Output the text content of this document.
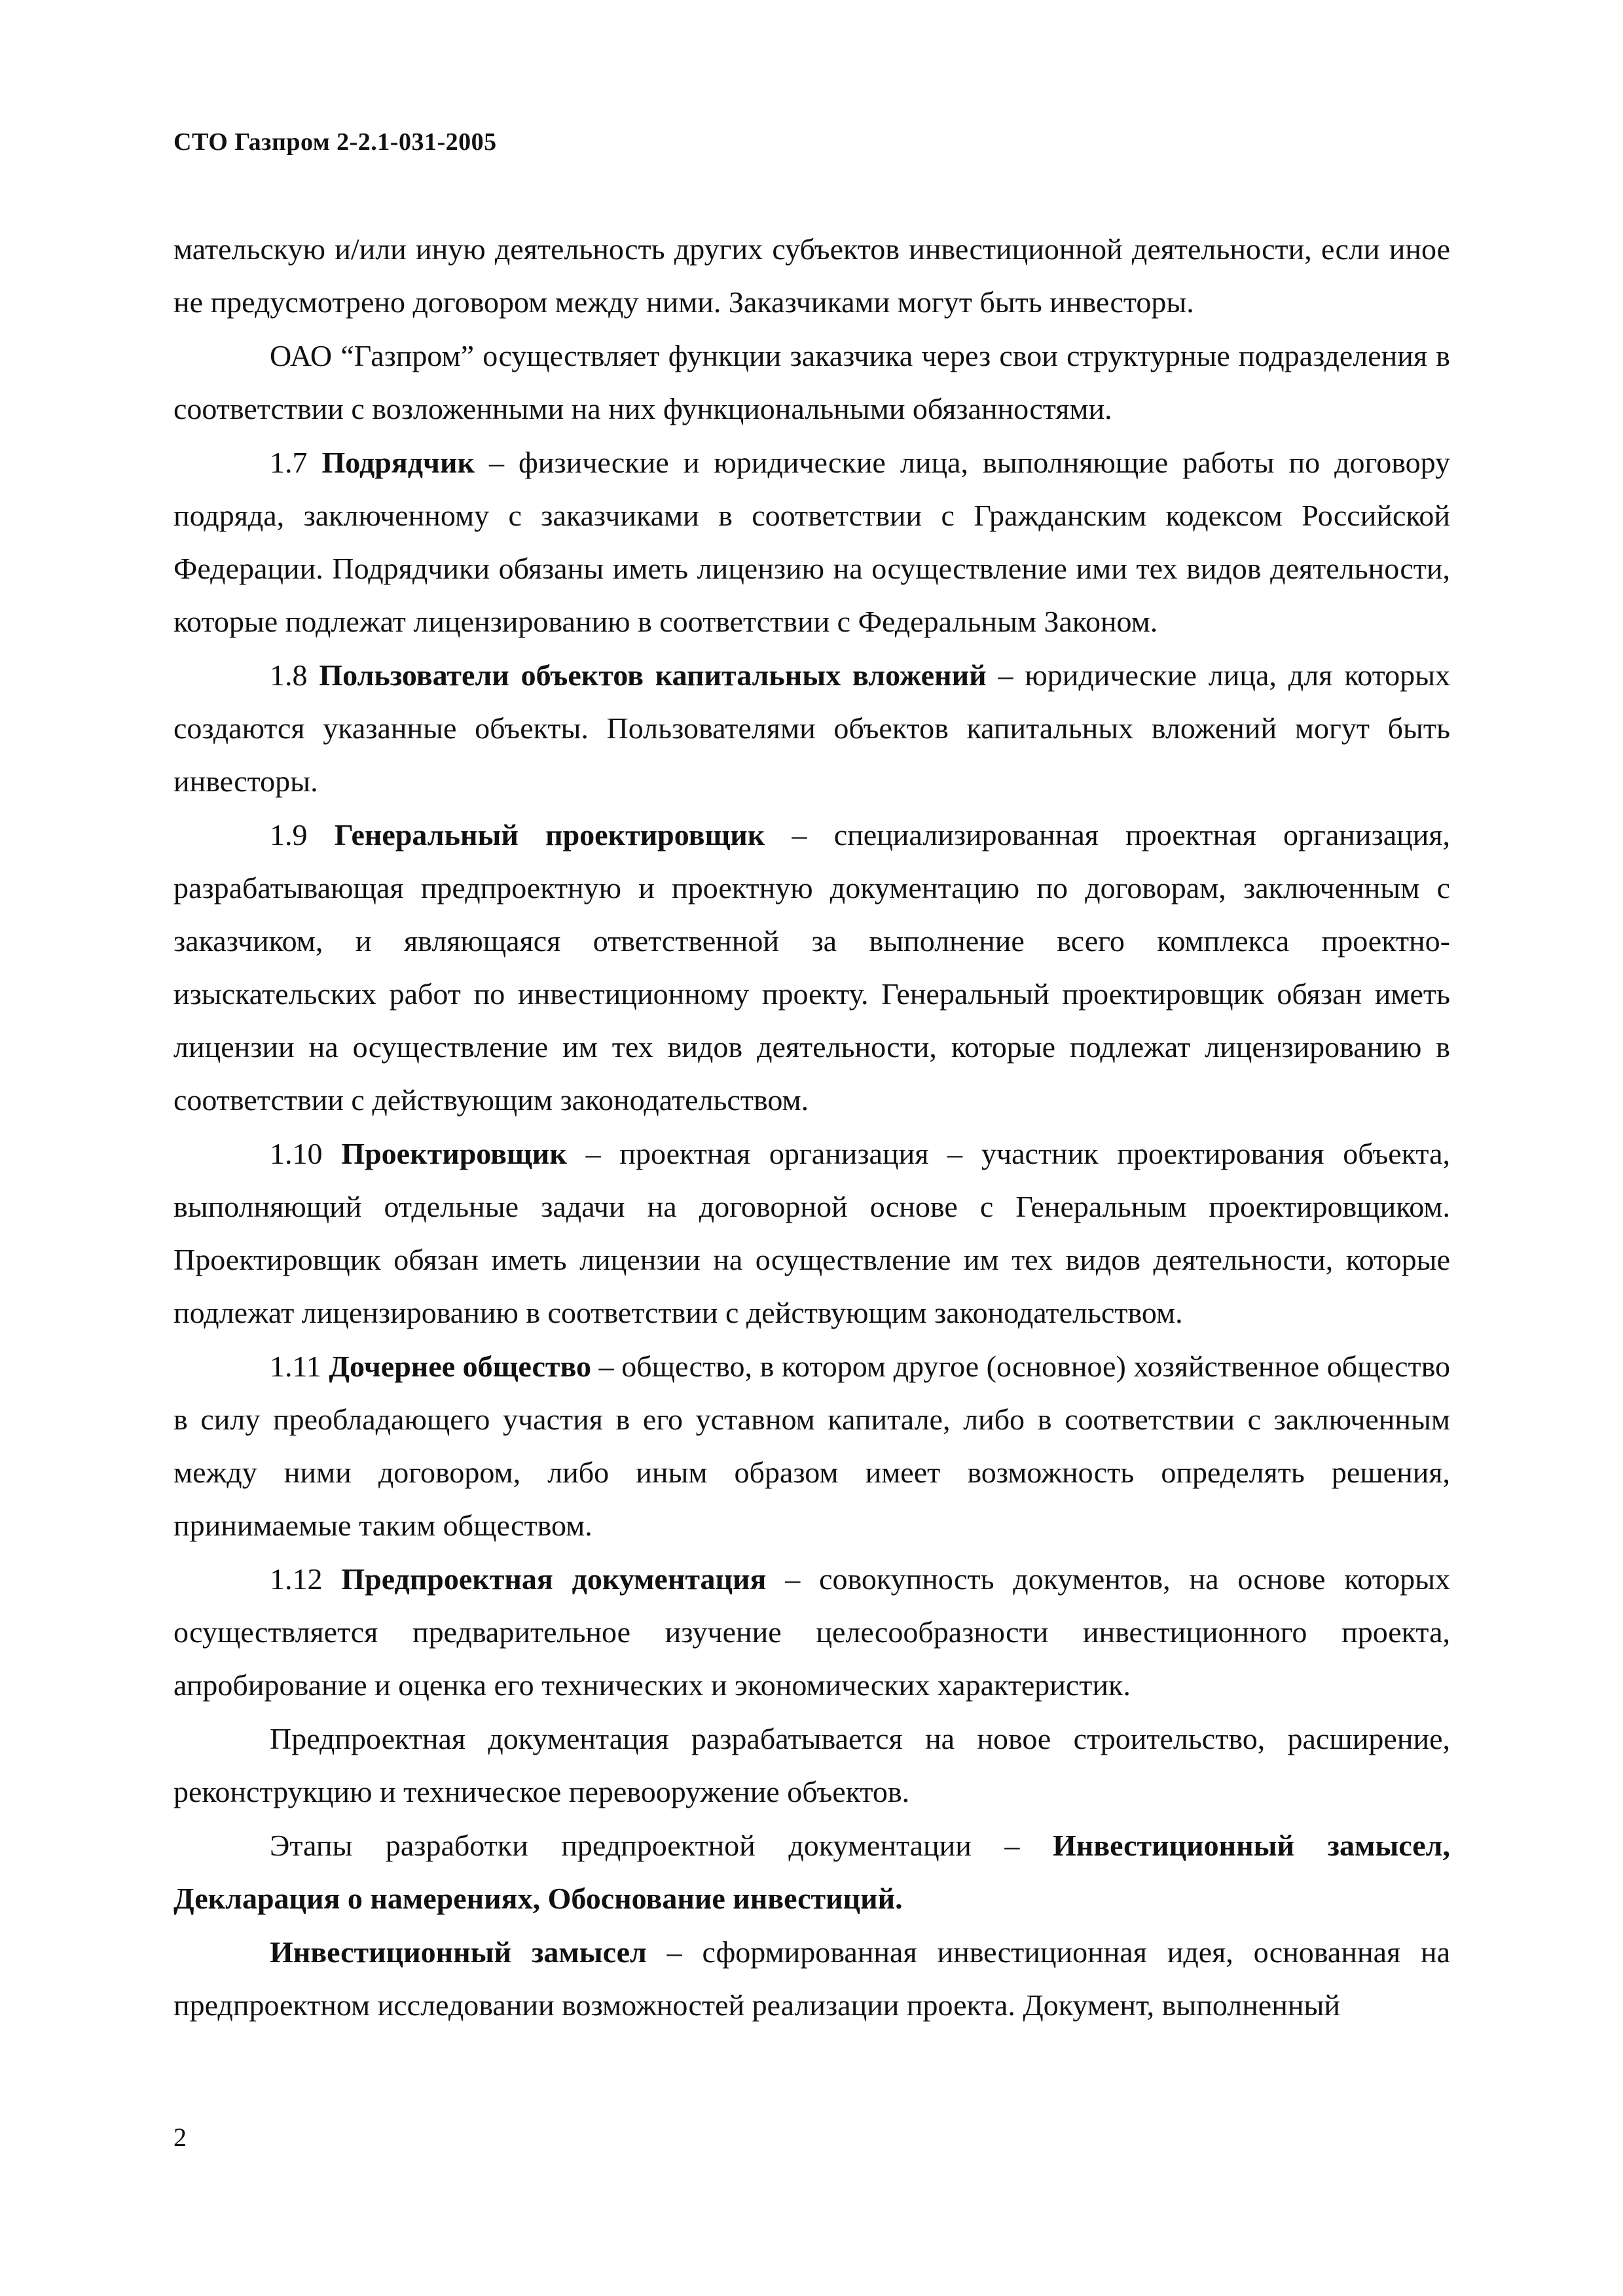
СТО Газпром 2-2.1-031-2005

мательскую и/или иную деятельность других субъектов инвестиционной деятельности, если иное не предусмотрено договором между ними. Заказчиками могут быть инвесторы.

ОАО “Газпром” осуществляет функции заказчика через свои структурные подразделения в соответствии с возложенными на них функциональными обязанностями.

1.7 Подрядчик – физические и юридические лица, выполняющие работы по договору подряда, заключенному с заказчиками в соответствии с Гражданским кодексом Российской Федерации. Подрядчики обязаны иметь лицензию на осуществление ими тех видов деятельности, которые подлежат лицензированию в соответствии с Федеральным Законом.

1.8 Пользователи объектов капитальных вложений – юридические лица, для которых создаются указанные объекты. Пользователями объектов капитальных вложений могут быть инвесторы.

1.9 Генеральный проектировщик – специализированная проектная организация, разрабатывающая предпроектную и проектную документацию по договорам, заключенным с заказчиком, и являющаяся ответственной за выполнение всего комплекса проектно-изыскательских работ по инвестиционному проекту. Генеральный проектировщик обязан иметь лицензии на осуществление им тех видов деятельности, которые подлежат лицензированию в соответствии с действующим законодательством.

1.10 Проектировщик – проектная организация – участник проектирования объекта, выполняющий отдельные задачи на договорной основе с Генеральным проектировщиком. Проектировщик обязан иметь лицензии на осуществление им тех видов деятельности, которые подлежат лицензированию в соответствии с действующим законодательством.

1.11 Дочернее общество – общество, в котором другое (основное) хозяйственное общество в силу преобладающего участия в его уставном капитале, либо в соответствии с заключенным между ними договором, либо иным образом имеет возможность определять решения, принимаемые таким обществом.

1.12 Предпроектная документация – совокупность документов, на основе которых осуществляется предварительное изучение целесообразности инвестиционного проекта, апробирование и оценка его технических и экономических характеристик.

Предпроектная документация разрабатывается на новое строительство, расширение, реконструкцию и техническое перевооружение объектов.

Этапы разработки предпроектной документации – Инвестиционный замысел, Декларация о намерениях, Обоснование инвестиций.

Инвестиционный замысел – сформированная инвестиционная идея, основанная на предпроектном исследовании возможностей реализации проекта. Документ, выполненный

2
